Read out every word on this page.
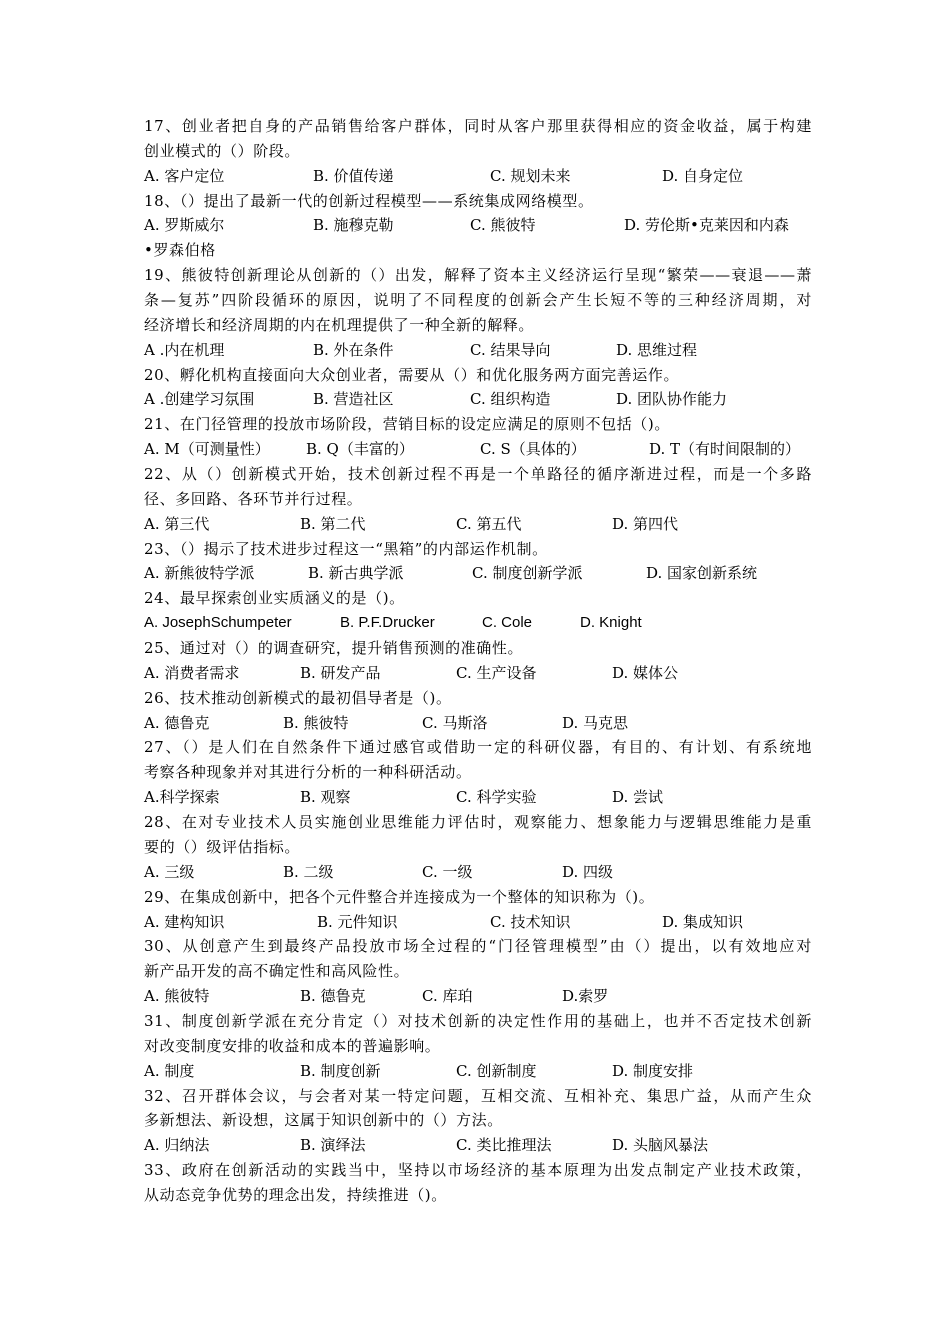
17、创业者把自身的产品销售给客户群体，同时从客户那里获得相应的资金收益，属于构建
创业模式的（）阶段。
A. 客户定位	B. 价值传递	C. 规划未来	D. 自身定位
18、（）提出了最新一代的创新过程模型——系统集成网络模型。
A. 罗斯威尔	B. 施穆克勒	C. 熊彼特	D. 劳伦斯•克莱因和内森
•罗森伯格
19、熊彼特创新理论从创新的（）出发，解释了资本主义经济运行呈现“繁荣——衰退——萧
条—复苏”四阶段循环的原因，说明了不同程度的创新会产生长短不等的三种经济周期，对
经济增长和经济周期的内在机理提供了一种全新的解释。
A .内在机理	B. 外在条件	C. 结果导向	D. 思维过程
20、孵化机构直接面向大众创业者，需要从（）和优化服务两方面完善运作。
A .创建学习氛围	B. 营造社区	C. 组织构造	D. 团队协作能力
21、在门径管理的投放市场阶段，营销目标的设定应满足的原则不包括（)。
A. M（可测量性） B. Q（丰富的）	C. S（具体的）	D. T（有时间限制的）
22、从（）创新模式开始，技术创新过程不再是一个单路径的循序渐进过程，而是一个多路
径、多回路、各环节并行过程。
A. 第三代	B. 第二代	C. 第五代	D. 第四代
23、（）揭示了技术进步过程这一“黑箱”的内部运作机制。
A. 新熊彼特学派	B. 新古典学派	C. 制度创新学派	D. 国家创新系统
24、最早探索创业实质涵义的是（)。
A. JosephSchumpeter	B. P.F.Drucker	C. Cole	D. Knight
25、通过对（）的调查研究，提升销售预测的准确性。
A. 消费者需求	B. 研发产品	C. 生产设备	D. 媒体公
26、技术推动创新模式的最初倡导者是（)。
A. 德鲁克	B. 熊彼特	C. 马斯洛	D. 马克思
27、（）是人们在自然条件下通过感官或借助一定的科研仪器，有目的、有计划、有系统地
考察各种现象并对其进行分析的一种科研活动。
A.科学探索	B. 观察	C. 科学实验	D. 尝试
28、在对专业技术人员实施创业思维能力评估时，观察能力、想象能力与逻辑思维能力是重
要的（）级评估指标。
A. 三级	B. 二级	C. 一级	D. 四级
29、在集成创新中，把各个元件整合并连接成为一个整体的知识称为（)。
A. 建构知识	B. 元件知识	C. 技术知识	D. 集成知识
30、从创意产生到最终产品投放市场全过程的“门径管理模型”由（）提出，以有效地应对
新产品开发的高不确定性和高风险性。
A. 熊彼特	B. 德鲁克	C. 库珀	D.索罗
31、制度创新学派在充分肯定（）对技术创新的决定性作用的基础上，也并不否定技术创新
对改变制度安排的收益和成本的普遍影响。
A. 制度	B. 制度创新	C. 创新制度	D. 制度安排
32、召开群体会议，与会者对某一特定问题，互相交流、互相补充、集思广益，从而产生众
多新想法、新设想，这属于知识创新中的（）方法。
A. 归纳法	B. 演绎法	C. 类比推理法	D. 头脑风暴法
33、政府在创新活动的实践当中，坚持以市场经济的基本原理为出发点制定产业技术政策，
从动态竞争优势的理念出发，持续推进（)。
